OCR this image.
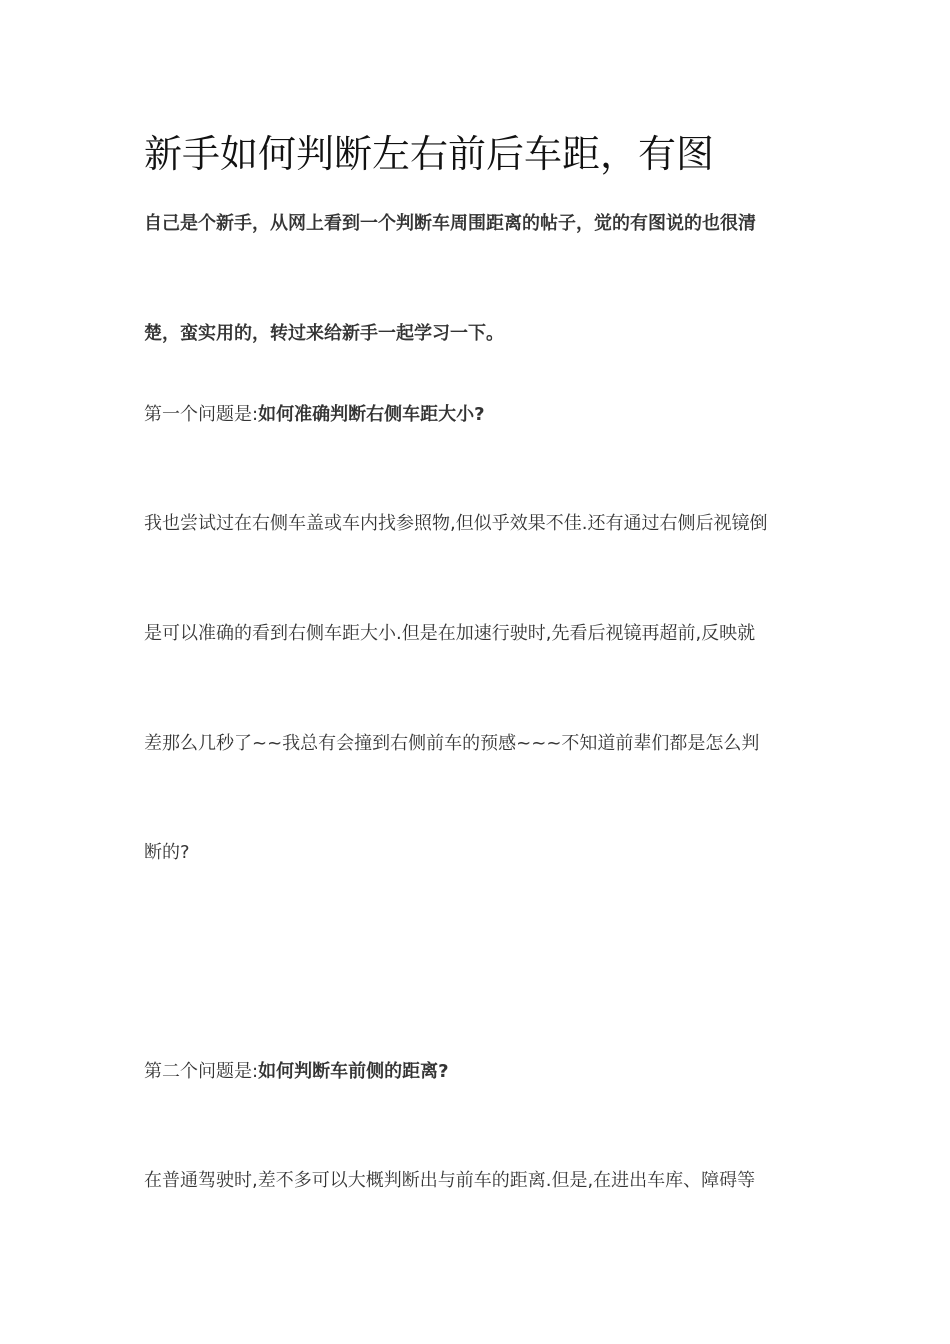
新手如何判断左右前后车距，有图

自己是个新手，从网上看到一个判断车周围距离的帖子，觉的有图说的也很清

楚，蛮实用的，转过来给新手一起学习一下。

第一个问题是:如何准确判断右侧车距大小?

我也尝试过在右侧车盖或车内找参照物,但似乎效果不佳.还有通过右侧后视镜倒

是可以准确的看到右侧车距大小.但是在加速行驶时,先看后视镜再超前,反映就

差那么几秒了~~我总有会撞到右侧前车的预感~~~不知道前辈们都是怎么判

断的?

第二个问题是:如何判断车前侧的距离?

在普通驾驶时,差不多可以大概判断出与前车的距离.但是,在进出车库、障碍等
